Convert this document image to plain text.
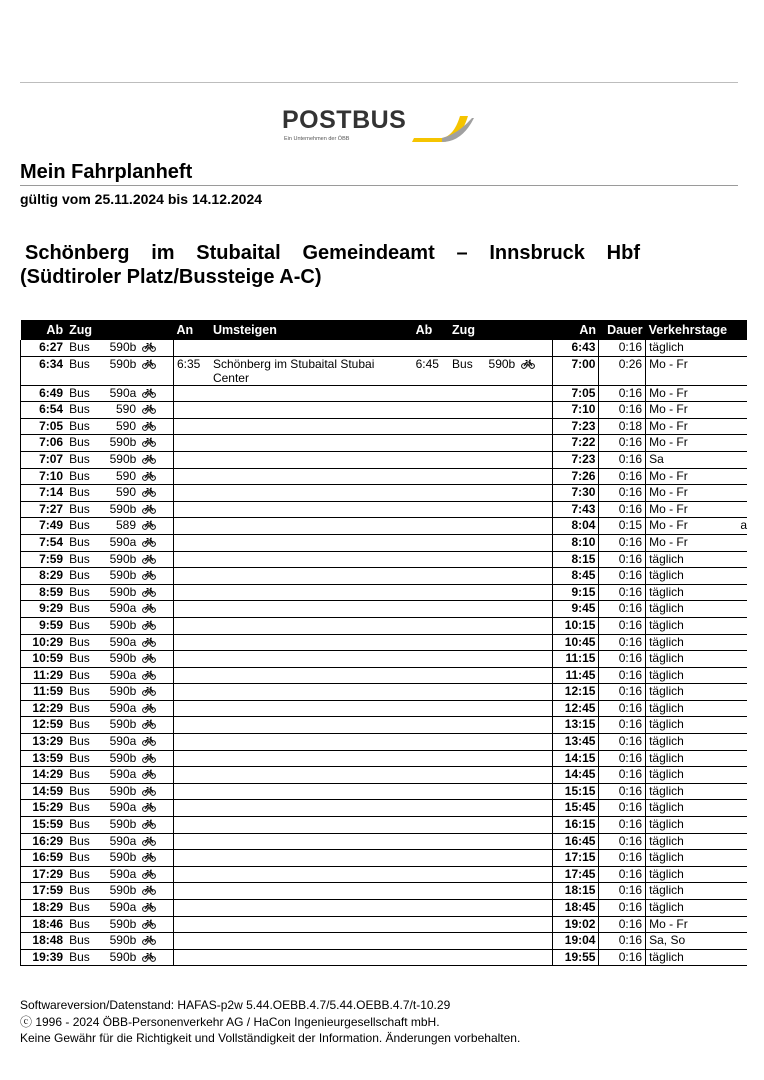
POSTBUS
Ein Unternehmen der ÖBB
Mein Fahrplanheft
gültig vom 25.11.2024 bis 14.12.2024
Schönberg im Stubaital Gemeindeamt – Innsbruck Hbf
(Südtiroler Platz/Bussteige A-C)
Ab	Zug			An	Umsteigen	Ab	Zug			An	Dauer	Verkehrstage
6:27	Bus	590b								6:43	0:16	täglich
6:34	Bus	590b		6:35	Schönberg im Stubaital Stubai Center	6:45	Bus	590b		7:00	0:26	Mo - Fr
6:49	Bus	590a								7:05	0:16	Mo - Fr
6:54	Bus	590								7:10	0:16	Mo - Fr
7:05	Bus	590								7:23	0:18	Mo - Fr
7:06	Bus	590b								7:22	0:16	Mo - Fr
7:07	Bus	590b								7:23	0:16	Sa
7:10	Bus	590								7:26	0:16	Mo - Fr
7:14	Bus	590								7:30	0:16	Mo - Fr
7:27	Bus	590b								7:43	0:16	Mo - Fr
7:49	Bus	589								8:04	0:15	Mo - Fr a

7:54	Bus	590a								8:10	0:16	Mo - Fr
7:59	Bus	590b								8:15	0:16	täglich
8:29	Bus	590b								8:45	0:16	täglich
8:59	Bus	590b								9:15	0:16	täglich
9:29	Bus	590a								9:45	0:16	täglich
9:59	Bus	590b								10:15	0:16	täglich
10:29	Bus	590a								10:45	0:16	täglich
10:59	Bus	590b								11:15	0:16	täglich
11:29	Bus	590a								11:45	0:16	täglich
11:59	Bus	590b								12:15	0:16	täglich
12:29	Bus	590a								12:45	0:16	täglich
12:59	Bus	590b								13:15	0:16	täglich
13:29	Bus	590a								13:45	0:16	täglich
13:59	Bus	590b								14:15	0:16	täglich
14:29	Bus	590a								14:45	0:16	täglich
14:59	Bus	590b								15:15	0:16	täglich
15:29	Bus	590a								15:45	0:16	täglich
15:59	Bus	590b								16:15	0:16	täglich
16:29	Bus	590a								16:45	0:16	täglich
16:59	Bus	590b								17:15	0:16	täglich
17:29	Bus	590a								17:45	0:16	täglich
17:59	Bus	590b								18:15	0:16	täglich
18:29	Bus	590a								18:45	0:16	täglich
18:46	Bus	590b								19:02	0:16	Mo - Fr
18:48	Bus	590b								19:04	0:16	Sa, So
19:39	Bus	590b								19:55	0:16	täglich
Softwareversion/Datenstand: HAFAS-p2w 5.44.OEBB.4.7/5.44.OEBB.4.7/t-10.29
ⓒ 1996 - 2024 ÖBB-Personenverkehr AG / HaCon Ingenieurgesellschaft mbH.
Keine Gewähr für die Richtigkeit und Vollständigkeit der Information. Änderungen vorbehalten.
